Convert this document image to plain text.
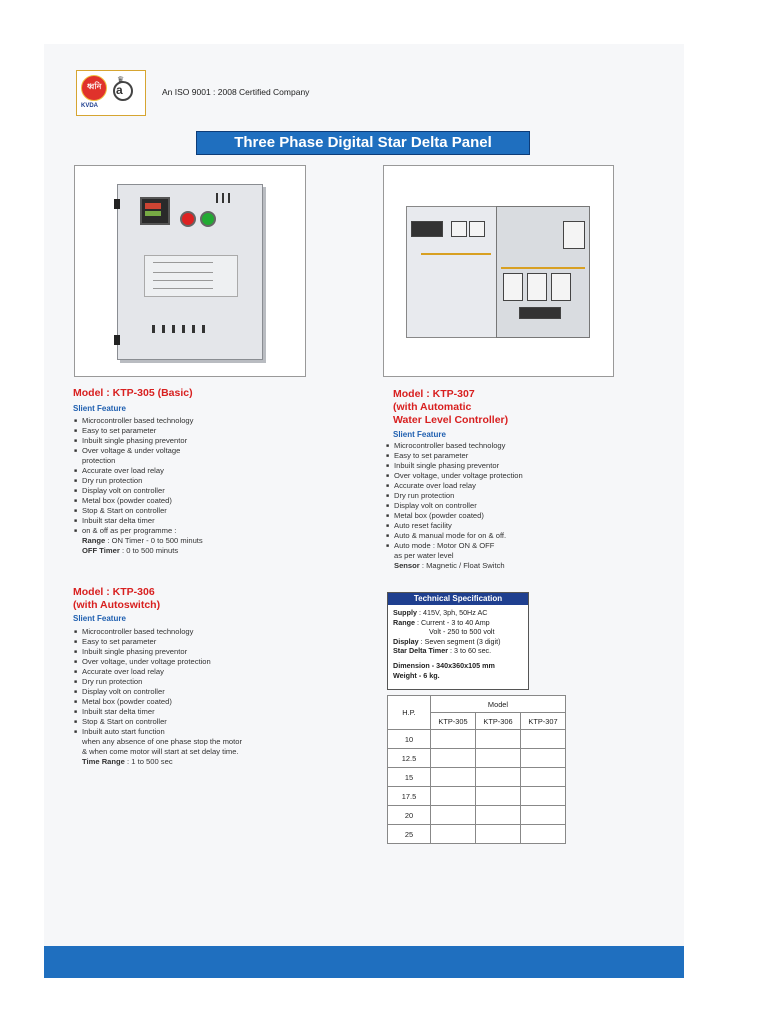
ধ্বনি
♛
a
KVDA
An ISO 9001 : 2008 Certified Company
Three Phase Digital Star Delta Panel
Model : KTP-305 (Basic)
Slient Feature
■ Microcontroller based technology
■ Easy to set parameter
■ Inbuilt single phasing preventor
■ Over voltage & under voltage protection
■ Accurate over load relay
■ Dry run protection
■ Display volt on controller
■ Metal box (powder coated)
■ Stop & Start on controller
■ Inbuilt star delta timer
■ on & off as per programme :
Range : ON Timer - 0 to 500 minuts
OFF Timer : 0 to 500 minuts
Model : KTP-306
(with Autoswitch)
Slient Feature
■ Microcontroller based technology
■ Easy to set parameter
■ Inbuilt single phasing preventor
■ Over voltage, under voltage protection
■ Accurate over load relay
■ Dry run protection
■ Display volt on controller
■ Metal box (powder coated)
■ Inbuilt star delta timer
■ Stop & Start on controller
■ Inbuilt auto start function
when any absence of one phase stop the motor
& when come motor will start at set delay time.
Time Range : 1 to 500 sec
Model : KTP-307
(with Automatic
Water Level Controller)
Slient Feature
■ Microcontroller based technology
■ Easy to set parameter
■ Inbuilt single phasing preventor
■ Over voltage, under voltage protection
■ Accurate over load relay
■ Dry run protection
■ Display volt on controller
■ Metal box (powder coated)
■ Auto reset facility
■ Auto & manual mode for on & off.
■ Auto mode : Motor ON & OFF
as per water level
Sensor : Magnetic / Float Switch
Technical Specification
Supply : 415V, 3ph, 50Hz AC
Range : Current - 3 to 40 Amp
Volt - 250 to 500 volt
Display : Seven segment (3 digit)
Star Delta Timer : 3 to 60 sec.
Dimension - 340x360x105 mm
Weight - 6 kg.
H.P.	Model		
	KTP-305	KTP-306	KTP-307
10			
12.5			
15			
17.5			
20			
25			
